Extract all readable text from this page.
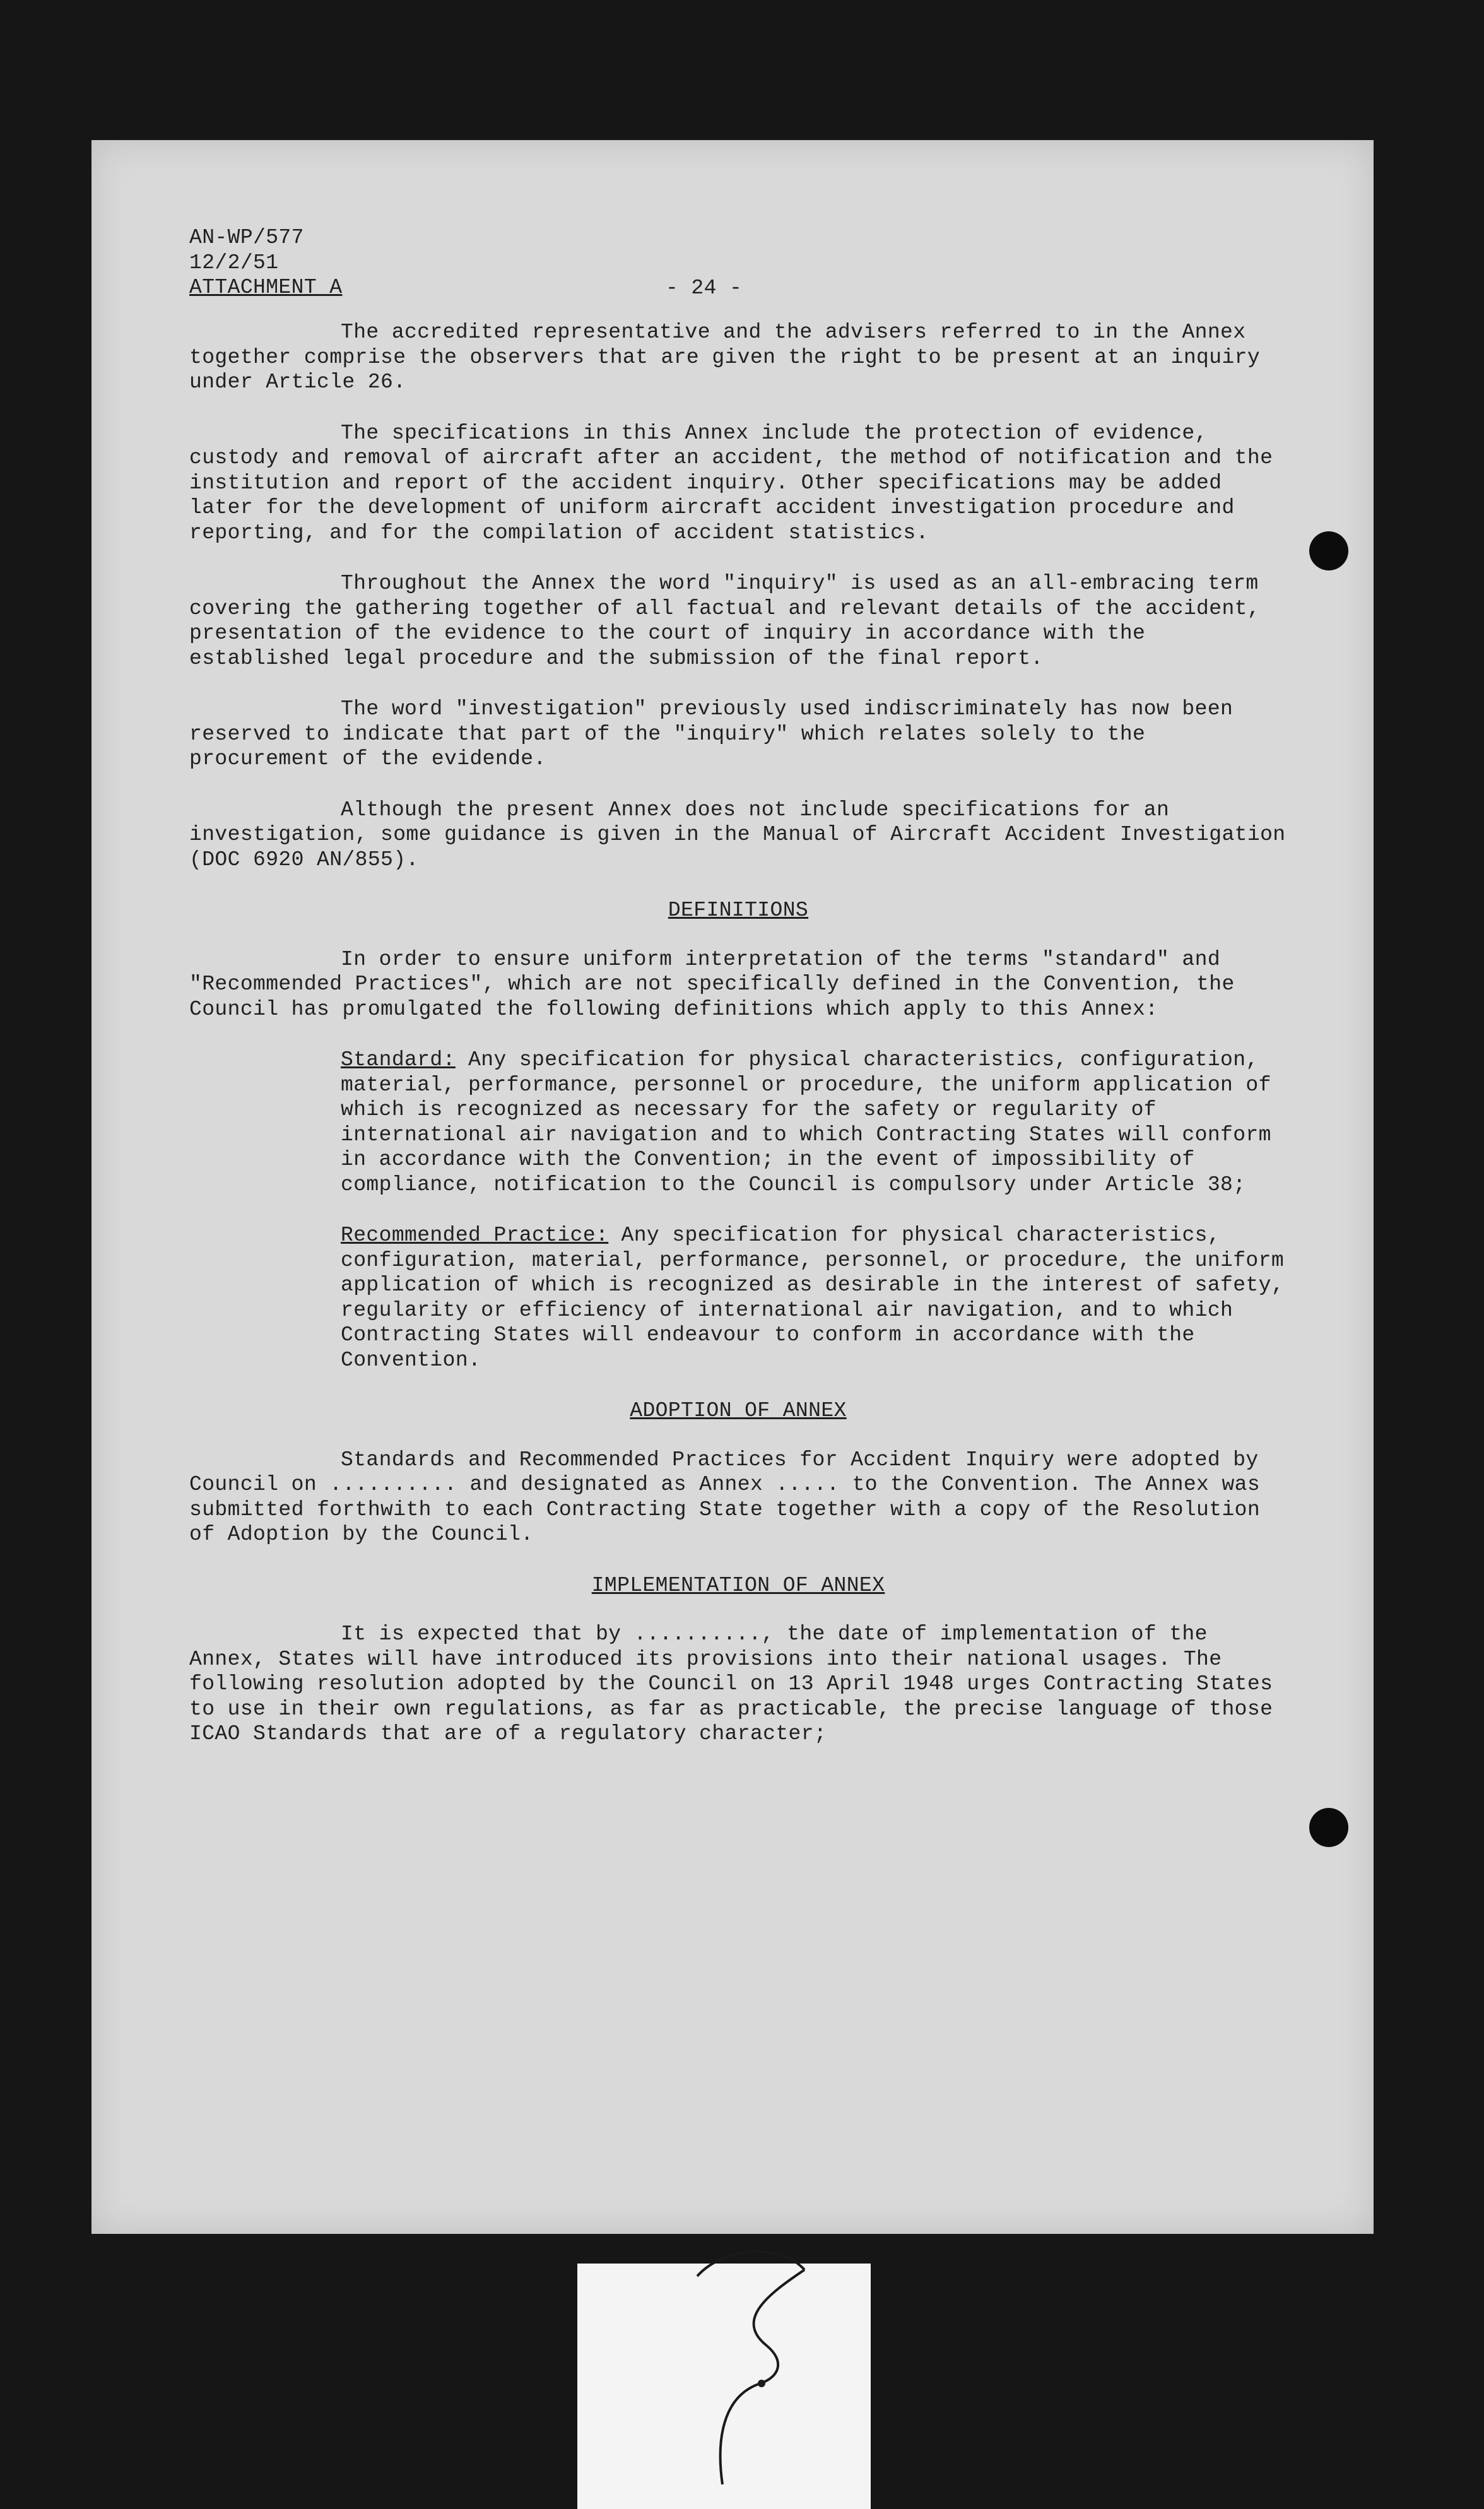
AN-WP/577
12/2/51
ATTACHMENT A	- 24 -

The accredited representative and the advisers referred to in the Annex together comprise the observers that are given the right to be present at an inquiry under Article 26.

The specifications in this Annex include the protection of evidence, custody and removal of aircraft after an accident, the method of notification and the institution and report of the accident inquiry. Other specifications may be added later for the development of uniform aircraft accident investigation procedure and reporting, and for the compilation of accident statistics.

Throughout the Annex the word "inquiry" is used as an all-embracing term covering the gathering together of all factual and relevant details of the accident, presentation of the evidence to the court of inquiry in accordance with the established legal procedure and the submission of the final report.

The word "investigation" previously used indiscriminately has now been reserved to indicate that part of the "inquiry" which relates solely to the procurement of the evidende.

Although the present Annex does not include specifications for an investigation, some guidance is given in the Manual of Aircraft Accident Investigation (DOC 6920 AN/855).

DEFINITIONS

In order to ensure uniform interpretation of the terms "standard" and "Recommended Practices", which are not specifically defined in the Convention, the Council has promulgated the following definitions which apply to this Annex:

Standard: Any specification for physical characteristics, configuration, material, performance, personnel or procedure, the uniform application of which is recognized as necessary for the safety or regularity of international air navigation and to which Contracting States will conform in accordance with the Convention; in the event of impossibility of compliance, notification to the Council is compulsory under Article 38;
Recommended Practice: Any specification for physical characteristics, configuration, material, performance, personnel, or procedure, the uniform application of which is recognized as desirable in the interest of safety, regularity or efficiency of international air navigation, and to which Contracting States will endeavour to conform in accordance with the Convention.
ADOPTION OF ANNEX

Standards and Recommended Practices for Accident Inquiry were adopted by Council on .......... and designated as Annex ..... to the Convention. The Annex was submitted forthwith to each Contracting State together with a copy of the Resolution of Adoption by the Council.

IMPLEMENTATION OF ANNEX

It is expected that by .........., the date of implementation of the Annex, States will have introduced its provisions into their national usages. The following resolution adopted by the Council on 13 April 1948 urges Contracting States to use in their own regulations, as far as practicable, the precise language of those ICAO Standards that are of a regulatory character;
